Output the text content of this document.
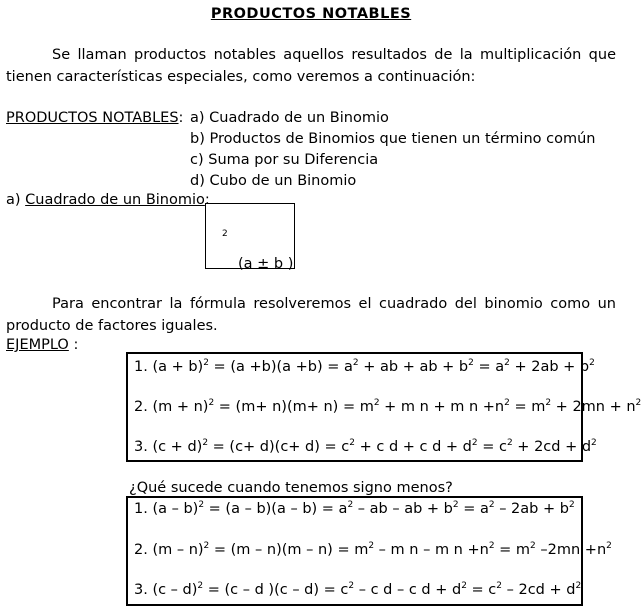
PRODUCTOS NOTABLES
Se llaman productos notables aquellos resultados de la multiplicación que tienen características especiales, como veremos a continuación:
PRODUCTOS NOTABLES: a) Cuadrado de un Binomio
b) Productos de Binomios que tienen un término común
c) Suma por su Diferencia
d) Cubo de un Binomio
a) Cuadrado de un Binomio:
(a ± b )
$^2$
Para encontrar la fórmula resolveremos el cuadrado del binomio como un producto de factores iguales.
EJEMPLO :
1. $(a + b)^2 = (a +b)(a +b) = a^2$ + ab + ab + $b^2 = a^2 + 2ab + b^2$
2. $(m + n)^2 = (m+ n)(m+ n) = m^2 + m$ n + m $n +n^2 = m^2 + 2mn + n^2$
3. $(c + d)^2 = (c+ d)(c+ d) = c^2 + c$ d + c $d + d^2 = c^2 + 2cd + d^2$
¿Qué sucede cuando tenemos signo menos?
1. $(a - b)^2 = (a - b)(a - b) = a^2$ – ab – ab + $b^2 = a^2 - 2ab + b^2$
2. $(m - n)^2 = (m - n)(m - n) = m^2 - m$ n – m $n +n^2 = m^2$ $-2mn +n^2$
3. (c – d)$^2$ = (c – d )$(c - d) = c^2 - c$ d – c $d + d^2 = c^2 - 2cd + d^2$
